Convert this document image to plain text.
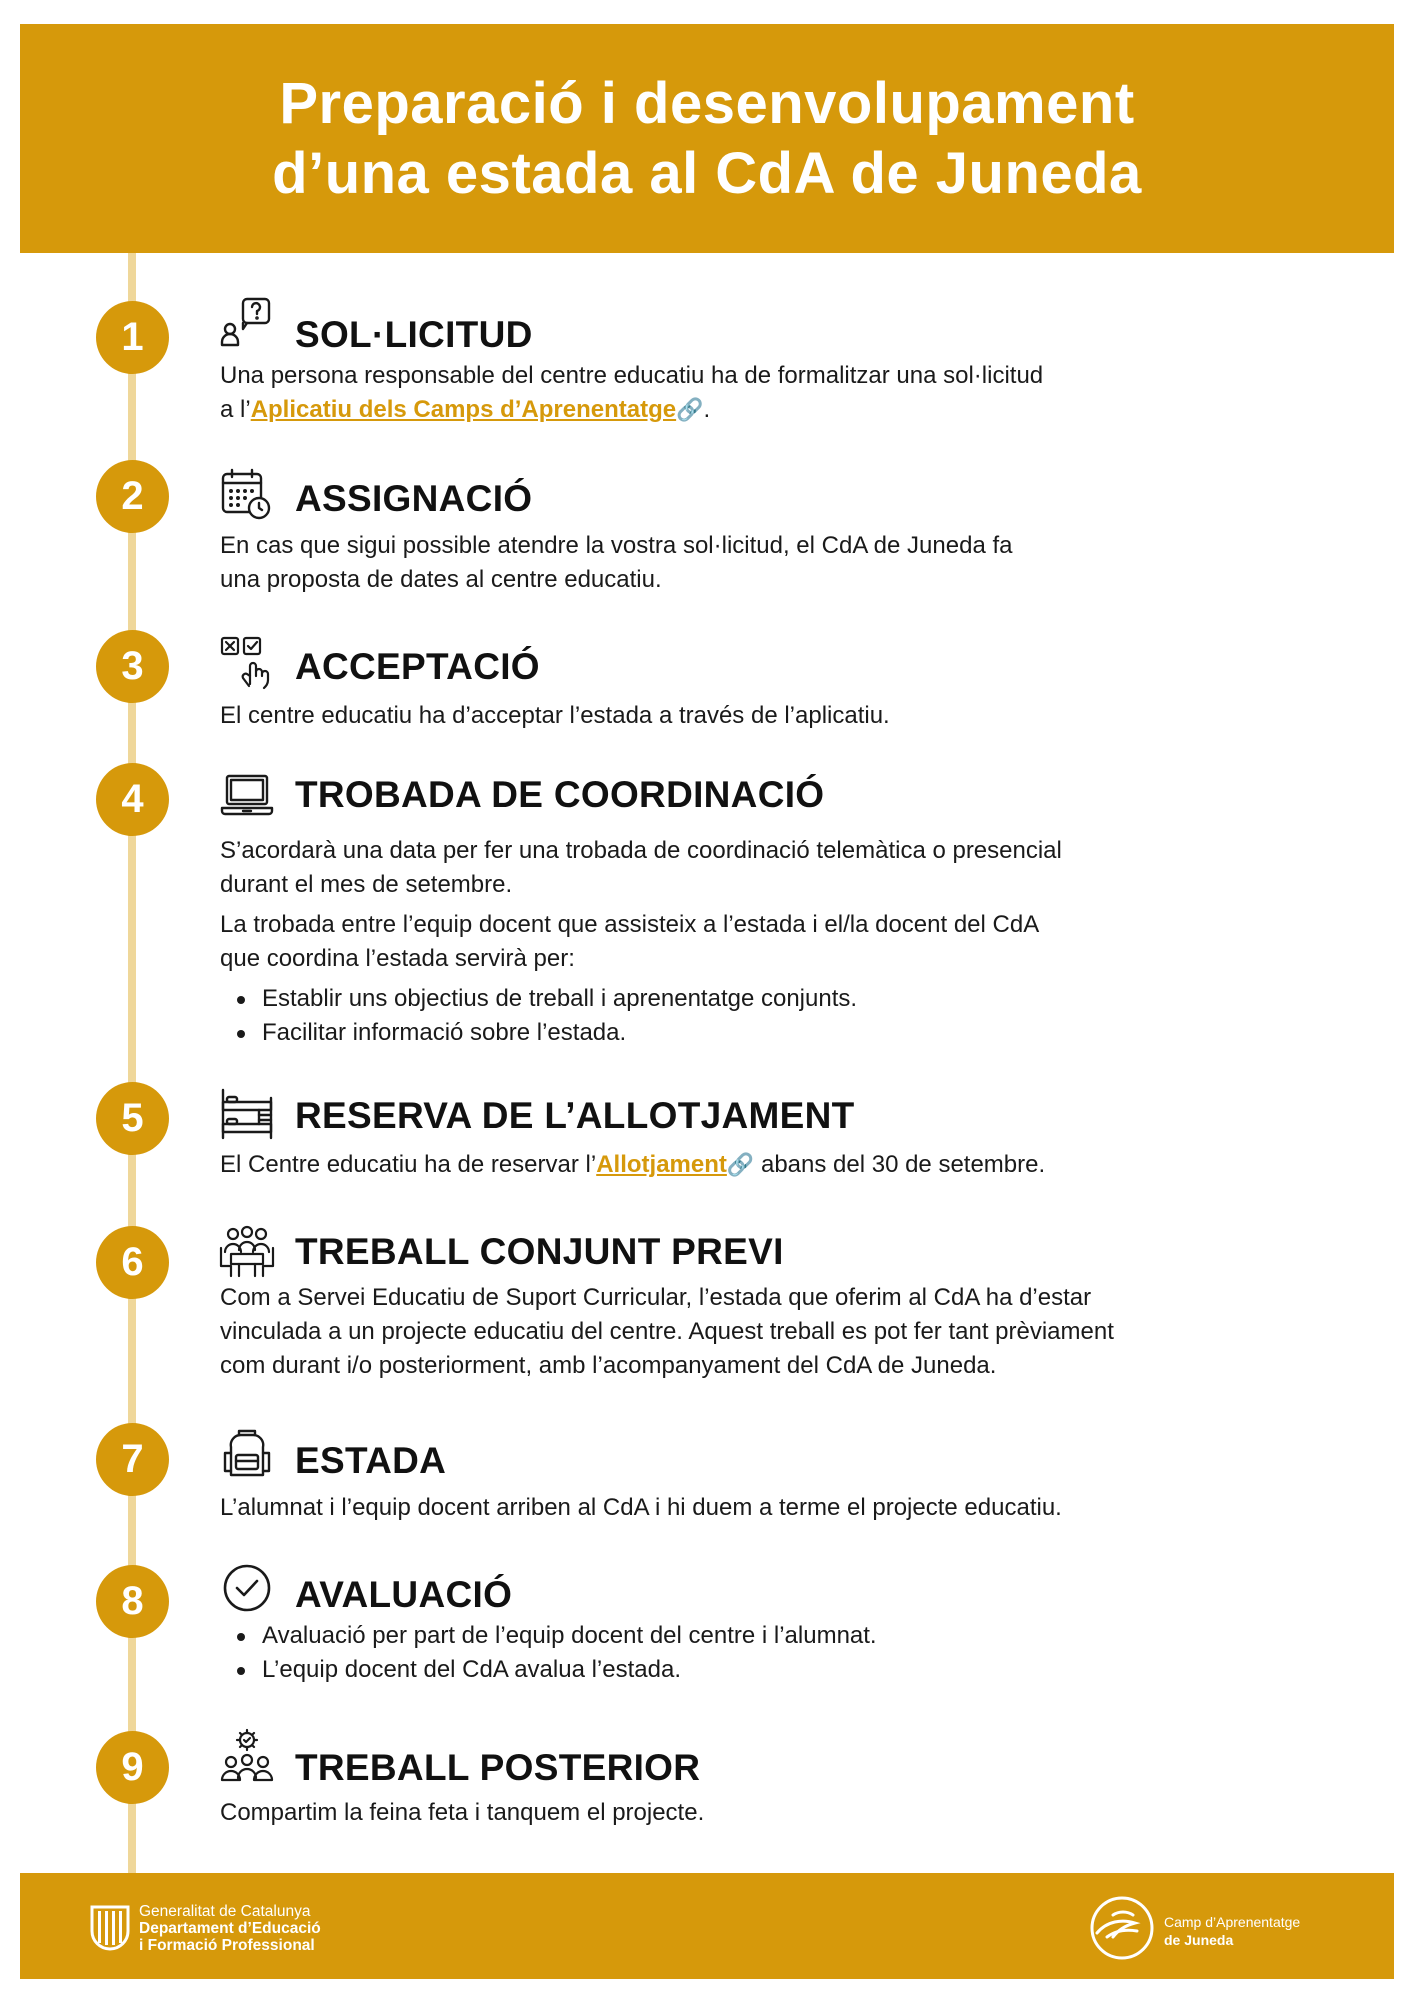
Preparació i desenvolupament
d’una estada al CdA de Juneda
1	SOL·LICITUD

Una persona responsable del centre educatiu ha de formalitzar una sol·licitud

a l’Aplicatiu dels Camps d’Aprenentatge🔗.

2	ASSIGNACIÓ

En cas que sigui possible atendre la vostra sol·licitud, el CdA de Juneda fa

una proposta de dates al centre educatiu.

3	ACCEPTACIÓ

El centre educatiu ha d’acceptar l’estada a través de l’aplicatiu.

4	TROBADA DE COORDINACIÓ

S’acordarà una data per fer una trobada de coordinació telemàtica o presencial

durant el mes de setembre.

La trobada entre l’equip docent que assisteix a l’estada i el/la docent del CdA

que coordina l’estada servirà per:

Establir uns objectius de treball i aprenentatge conjunts.
Facilitar informació sobre l’estada.
5	RESERVA DE L’ALLOTJAMENT

El Centre educatiu ha de reservar l’Allotjament🔗 abans del 30 de setembre.

6	TREBALL CONJUNT PREVI

Com a Servei Educatiu de Suport Curricular, l’estada que oferim al CdA ha d’estar

vinculada a un projecte educatiu del centre. Aquest treball es pot fer tant prèviament

com durant i/o posteriorment, amb l’acompanyament del CdA de Juneda.

7	ESTADA

L’alumnat i l’equip docent arriben al CdA i hi duem a terme el projecte educatiu.

8	AVALUACIÓ
Avaluació per part de l’equip docent del centre i l’alumnat.
L’equip docent del CdA avalua l’estada.
9	TREBALL POSTERIOR

Compartim la feina feta i tanquem el projecte.

Generalitat de Catalunya
Departament d’Educació
i Formació Professional
Camp d’Aprenentatge
de Juneda
